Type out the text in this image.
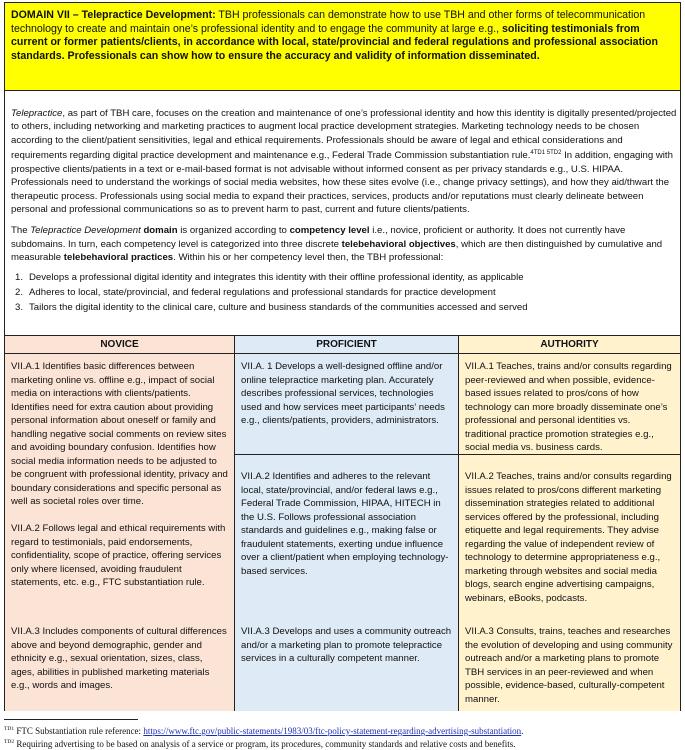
DOMAIN VII – Telepractice Development: TBH professionals can demonstrate how to use TBH and other forms of telecommunication technology to create and maintain one’s professional identity and to engage the community at large e.g., soliciting testimonials from current or former patients/clients, in accordance with local, state/provincial and federal regulations and professional association standards. Professionals can show how to ensure the accuracy and validity of information disseminated.

Telepractice, as part of TBH care, focuses on the creation and maintenance of one’s professional identity and how this identity is digitally presented/projected to others, including networking and marketing practices to augment local practice development strategies. Marketing technology needs to be chosen according to the client/patient sensitivities, legal and ethical requirements. Professionals should be aware of legal and ethical considerations and requirements regarding digital practice development and maintenance e.g., Federal Trade Commission substantiation rule.$^{4TD1 5TD2}$ In addition, engaging with prospective clients/patients in a text or e-mail-based format is not advisable without informed consent as per privacy standards e.g., U.S. HIPAA. Professionals need to understand the workings of social media websites, how these sites evolve (i.e., change privacy settings), and how they aid/thwart the therapeutic process. Professionals using social media to expand their practices, services, products and/or reputations must clearly delineate between personal and professional communications so as to prevent harm to past, current and future clients/patients.

The Telepractice Development domain is organized according to competency level i.e., novice, proficient or authority. It does not currently have subdomains. In turn, each competency level is categorized into three discrete telebehavioral objectives, which are then distinguished by cumulative and measurable telebehavioral practices. Within his or her competency level then, the TBH professional:

1. Develops a professional digital identity and integrates this identity with their offline professional identity, as applicable
2. Adheres to local, state/provincial, and federal regulations and professional standards for practice development
3. Tailors the digital identity to the clinical care, culture and business standards of the communities accessed and served
NOVICE
VII.A.1 Identifies basic differences between marketing online vs. offline e.g., impact of social media on interactions with clients/patients. Identifies need for extra caution about providing personal information about oneself or family and handling negative social comments on review sites and avoiding boundary confusion. Identifies how social media information needs to be adjusted to be congruent with professional identity, privacy and boundary considerations and specific personal as well as societal roles over time.
VII.A.2 Follows legal and ethical requirements with regard to testimonials, paid endorsements, confidentiality, scope of practice, offering services only where licensed, avoiding fraudulent statements, etc. e.g., FTC substantiation rule.
VII.A.3 Includes components of cultural differences above and beyond demographic, gender and ethnicity e.g., sexual orientation, sizes, class, ages, abilities in published marketing materials e.g., words and images.
PROFICIENT
VII.A. 1 Develops a well-designed offline and/or online telepractice marketing plan. Accurately describes professional services, technologies used and how services meet participants’ needs e.g., clients/patients, providers, administrators.
VII.A.2 Identifies and adheres to the relevant local, state/provincial, and/or federal laws e.g., Federal Trade Commission, HIPAA, HITECH in the U.S. Follows professional association standards and guidelines e.g., making false or fraudulent statements, exerting undue influence over a client/patient when employing technology-based services.
VII.A.3 Develops and uses a community outreach and/or a marketing plan to promote telepractice services in a culturally competent manner.
AUTHORITY
VII.A.1 Teaches, trains and/or consults regarding peer-reviewed and when possible, evidence-based issues related to pros/cons of how technology can more broadly disseminate one’s professional and personal identities vs. traditional practice promotion strategies e.g., social media vs. business cards.
VII.A.2 Teaches, trains and/or consults regarding issues related to pros/cons different marketing dissemination strategies related to additional services offered by the professional, including etiquette and legal requirements. They advise regarding the value of independent review of technology to determine appropriateness e.g., marketing through websites and social media blogs, search engine advertising campaigns, webinars, eBooks, podcasts.
VII.A.3 Consults, trains, teaches and researches the evolution of developing and using community outreach and/or a marketing plans to promote TBH services in an peer-reviewed and when possible, evidence-based, culturally-competent manner.
$^{TD1}$ FTC Substantiation rule reference: https://www.ftc.gov/public-statements/1983/03/ftc-policy-statement-regarding-advertising-substantiation.
$^{TD2}$ Requiring advertising to be based on analysis of a service or program, its procedures, community standards and relative costs and benefits.
